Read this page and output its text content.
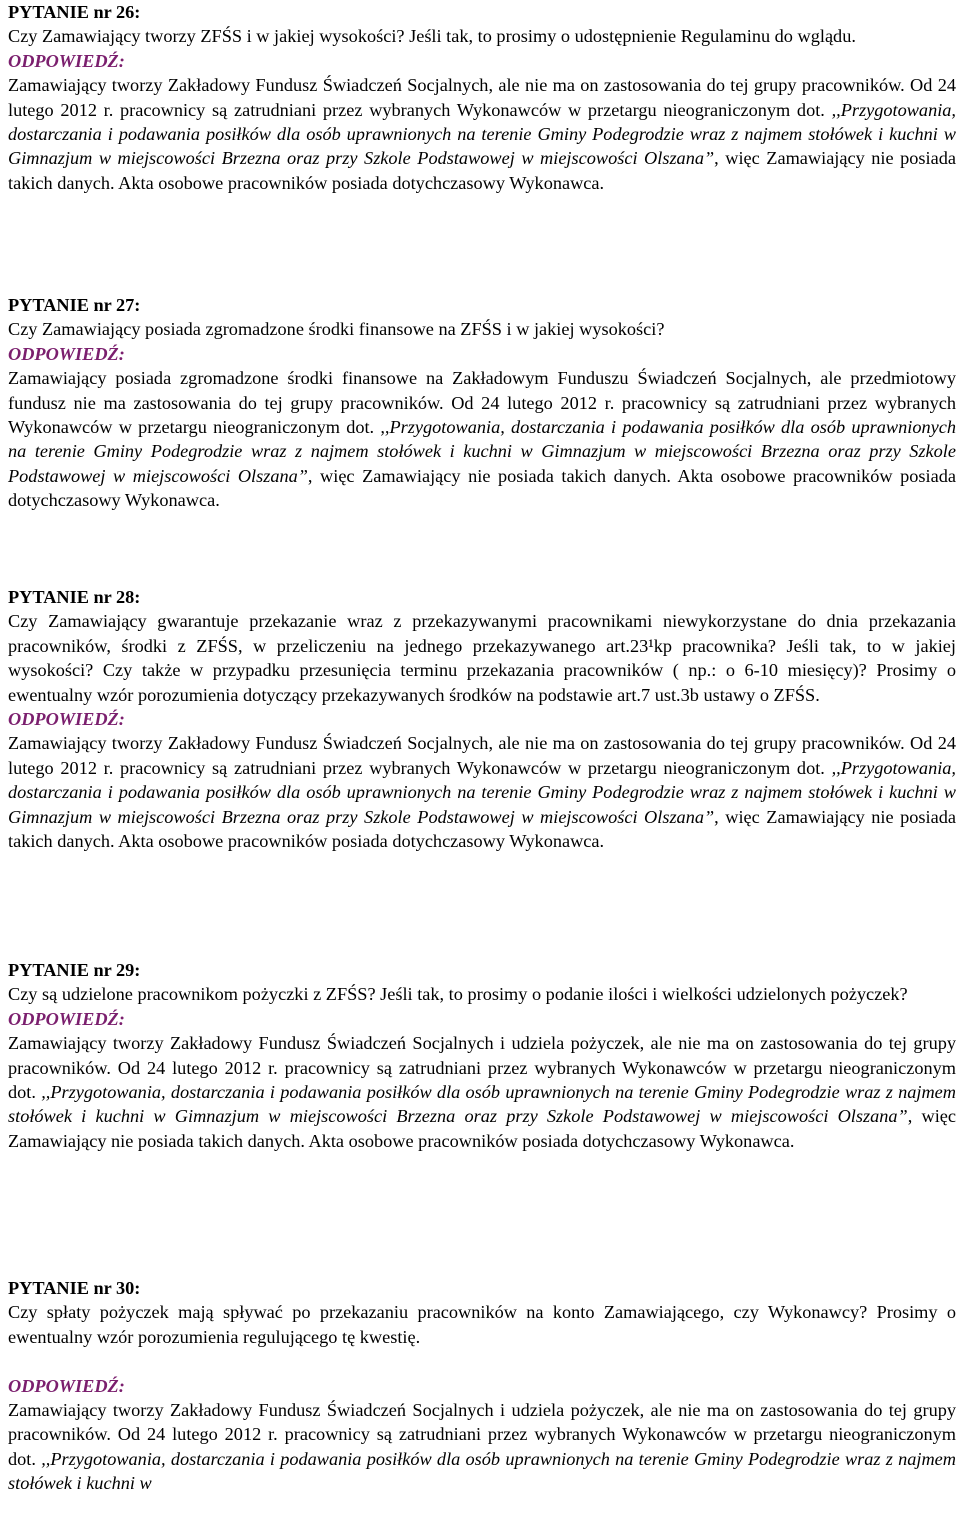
PYTANIE nr 26:

Czy Zamawiający tworzy ZFŚS i w jakiej wysokości? Jeśli tak, to prosimy o udostępnienie Regulaminu do wglądu.

ODPOWIEDŹ:

Zamawiający tworzy Zakładowy Fundusz Świadczeń Socjalnych, ale nie ma on zastosowania do tej grupy pracowników. Od 24 lutego 2012 r. pracownicy są zatrudniani przez wybranych Wykonawców w przetargu nieograniczonym dot. ,,Przygotowania, dostarczania i podawania posiłków dla osób uprawnionych na terenie Gminy Podegrodzie wraz z najmem stołówek i kuchni w Gimnazjum w miejscowości Brzezna oraz przy Szkole Podstawowej w miejscowości Olszana”, więc Zamawiający nie posiada takich danych. Akta osobowe pracowników posiada dotychczasowy Wykonawca.

PYTANIE nr 27:

Czy Zamawiający posiada zgromadzone środki finansowe na ZFŚS i w jakiej wysokości?

ODPOWIEDŹ:

Zamawiający posiada zgromadzone środki finansowe na Zakładowym Funduszu Świadczeń Socjalnych, ale przedmiotowy fundusz nie ma zastosowania do tej grupy pracowników. Od 24 lutego 2012 r. pracownicy są zatrudniani przez wybranych Wykonawców w przetargu nieograniczonym dot. ,,Przygotowania, dostarczania i podawania posiłków dla osób uprawnionych na terenie Gminy Podegrodzie wraz z najmem stołówek i kuchni w Gimnazjum w miejscowości Brzezna oraz przy Szkole Podstawowej w miejscowości Olszana”, więc Zamawiający nie posiada takich danych. Akta osobowe pracowników posiada dotychczasowy Wykonawca.

PYTANIE nr 28:

Czy Zamawiający gwarantuje przekazanie wraz z przekazywanymi pracownikami niewykorzystane do dnia przekazania pracowników, środki z ZFŚS, w przeliczeniu na jednego przekazywanego art.23¹kp pracownika? Jeśli tak, to w jakiej wysokości? Czy także w przypadku przesunięcia terminu przekazania pracowników ( np.: o 6-10 miesięcy)? Prosimy o ewentualny wzór porozumienia dotyczący przekazywanych środków na podstawie art.7 ust.3b ustawy o ZFŚS.

ODPOWIEDŹ:

Zamawiający tworzy Zakładowy Fundusz Świadczeń Socjalnych, ale nie ma on zastosowania do tej grupy pracowników. Od 24 lutego 2012 r. pracownicy są zatrudniani przez wybranych Wykonawców w przetargu nieograniczonym dot. ,,Przygotowania, dostarczania i podawania posiłków dla osób uprawnionych na terenie Gminy Podegrodzie wraz z najmem stołówek i kuchni w Gimnazjum w miejscowości Brzezna oraz przy Szkole Podstawowej w miejscowości Olszana”, więc Zamawiający nie posiada takich danych. Akta osobowe pracowników posiada dotychczasowy Wykonawca.

PYTANIE nr 29:

Czy są udzielone pracownikom pożyczki z ZFŚS? Jeśli tak, to prosimy o podanie ilości i wielkości udzielonych pożyczek?

ODPOWIEDŹ:

Zamawiający tworzy Zakładowy Fundusz Świadczeń Socjalnych i udziela pożyczek, ale nie ma on zastosowania do tej grupy pracowników. Od 24 lutego 2012 r. pracownicy są zatrudniani przez wybranych Wykonawców w przetargu nieograniczonym dot. ,,Przygotowania, dostarczania i podawania posiłków dla osób uprawnionych na terenie Gminy Podegrodzie wraz z najmem stołówek i kuchni w Gimnazjum w miejscowości Brzezna oraz przy Szkole Podstawowej w miejscowości Olszana”, więc Zamawiający nie posiada takich danych. Akta osobowe pracowników posiada dotychczasowy Wykonawca.

PYTANIE nr 30:

Czy spłaty pożyczek mają spływać po przekazaniu pracowników na konto Zamawiającego, czy Wykonawcy? Prosimy o ewentualny wzór porozumienia regulującego tę kwestię.

ODPOWIEDŹ:

Zamawiający tworzy Zakładowy Fundusz Świadczeń Socjalnych i udziela pożyczek, ale nie ma on zastosowania do tej grupy pracowników. Od 24 lutego 2012 r. pracownicy są zatrudniani przez wybranych Wykonawców w przetargu nieograniczonym dot. ,,Przygotowania, dostarczania i podawania posiłków dla osób uprawnionych na terenie Gminy Podegrodzie wraz z najmem stołówek i kuchni w
